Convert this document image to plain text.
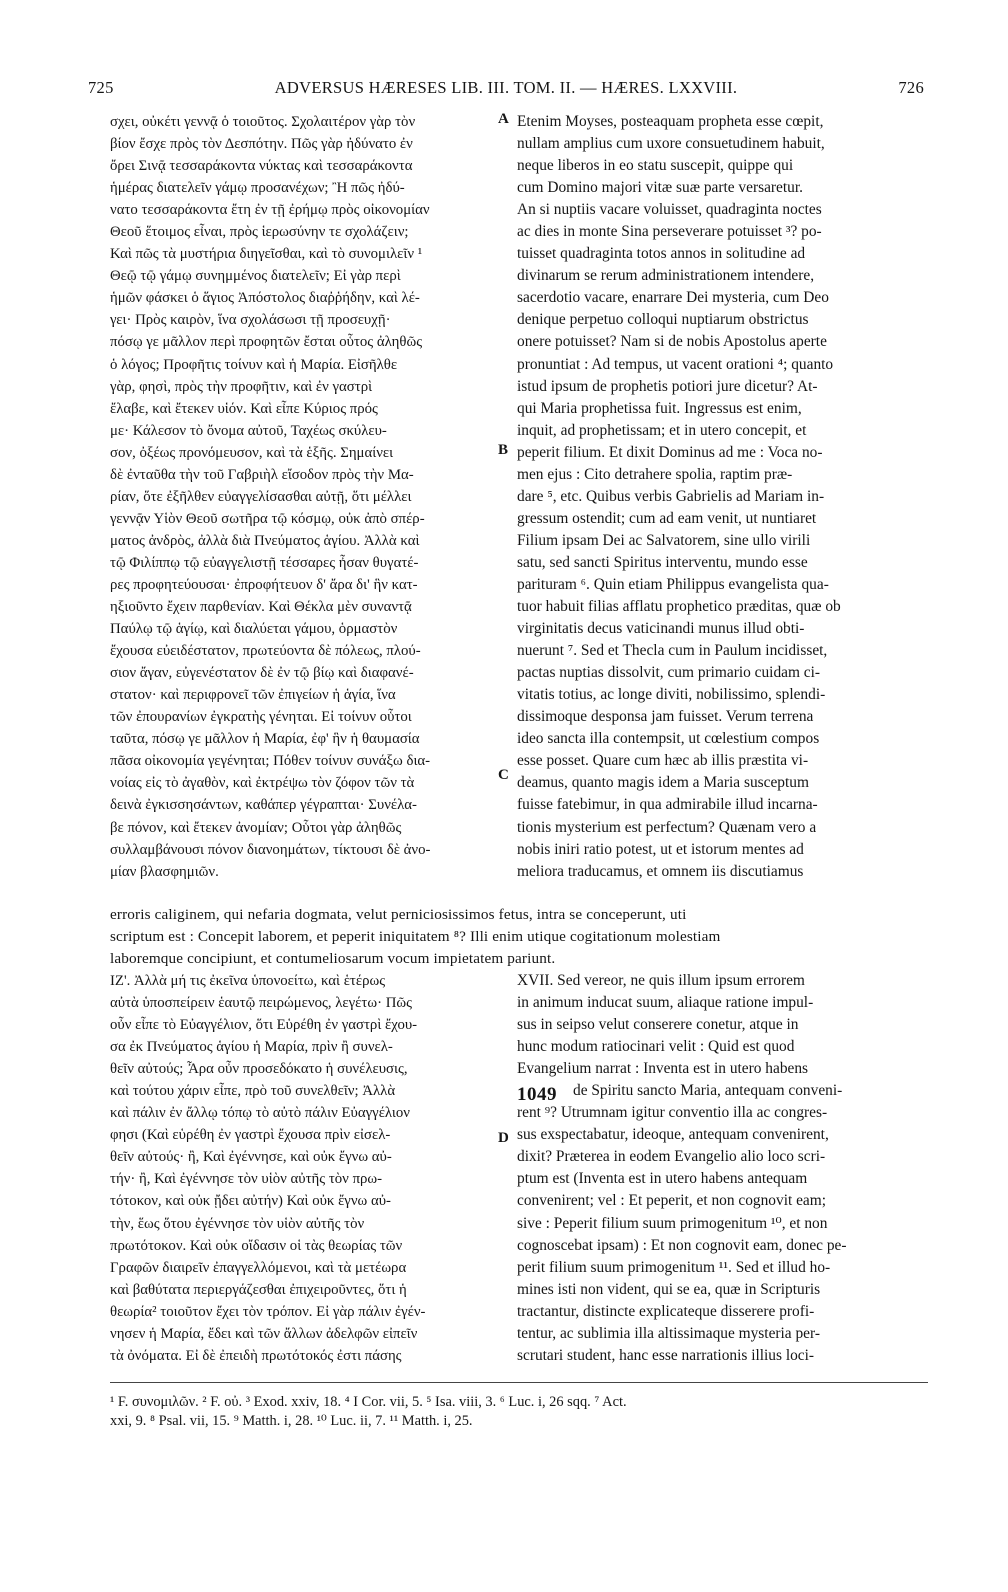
725	ADVERSUS HÆRESES LIB. III. TOM. II. — HÆRES. LXXVIII.	726
σχει, οὐκέτι γεννᾷ ὁ τοιοῦτος. Σχολαιτέρον γὰρ τὸν
βίον ἔσχε πρὸς τὸν Δεσπότην. Πῶς γὰρ ἠδύνατο ἐν
ὄρει Σινᾷ τεσσαράκοντα νύκτας καὶ τεσσαράκοντα
ἡμέρας διατελεῖν γάμῳ προσανέχων; Ἢ πῶς ἠδύ-
νατο τεσσαράκοντα ἔτη ἐν τῇ ἐρήμῳ πρὸς οἰκονομίαν
Θεοῦ ἕτοιμος εἶναι, πρὸς ἱερωσύνην τε σχολάζειν;
Καὶ πῶς τὰ μυστήρια διηγεῖσθαι, καὶ τὸ συνομιλεῖν ¹
Θεῷ τῷ γάμῳ συνημμένος διατελεῖν; Εἰ γὰρ περὶ
ἡμῶν φάσκει ὁ ἅγιος Ἀπόστολος διαῤῥήδην, καὶ λέ-
γει· Πρὸς καιρὸν, ἵνα σχολάσωσι τῇ προσευχῇ·
πόσῳ γε μᾶλλον περὶ προφητῶν ἔσται οὗτος ἀληθῶς
ὁ λόγος; Προφῆτις τοίνυν καὶ ἡ Μαρία. Εἰσῆλθε
γὰρ, φησὶ, πρὸς τὴν προφῆτιν, καὶ ἐν γαστρὶ
ἔλαβε, καὶ ἔτεκεν υἱόν. Καὶ εἶπε Κύριος πρός
με· Κάλεσον τὸ ὄνομα αὐτοῦ, Ταχέως σκύλευ-
σον, ὀξέως προνόμευσον, καὶ τὰ ἑξῆς. Σημαίνει
δὲ ἐνταῦθα τὴν τοῦ Γαβριὴλ εἴσοδον πρὸς τὴν Μα-
ρίαν, ὅτε ἐξῆλθεν εὐαγγελίσασθαι αὐτῇ, ὅτι μέλλει
γεννᾷν Υἱὸν Θεοῦ σωτῆρα τῷ κόσμῳ, οὐκ ἀπὸ σπέρ-
ματος ἀνδρὸς, ἀλλὰ διὰ Πνεύματος ἁγίου. Ἀλλὰ καὶ
τῷ Φιλίππῳ τῷ εὐαγγελιστῇ τέσσαρες ἦσαν θυγατέ-
ρες προφητεύουσαι· ἐπροφήτευον δ' ἄρα δι' ἣν κατ-
ηξιοῦντο ἔχειν παρθενίαν. Καὶ Θέκλα μὲν συναντᾷ
Παύλῳ τῷ ἁγίῳ, καὶ διαλύεται γάμου, ὁρμαστὸν
ἔχουσα εὐειδέστατον, πρωτεύοντα δὲ πόλεως, πλού-
σιον ἄγαν, εὐγενέστατον δὲ ἐν τῷ βίῳ καὶ διαφανέ-
στατον· καὶ περιφρονεῖ τῶν ἐπιγείων ἡ ἁγία, ἵνα
τῶν ἐπουρανίων ἐγκρατὴς γένηται. Εἰ τοίνυν οὗτοι
ταῦτα, πόσῳ γε μᾶλλον ἡ Μαρία, ἐφ' ἣν ἡ θαυμασία
πᾶσα οἰκονομία γεγένηται; Πόθεν τοίνυν συνάξω δια-
νοίας εἰς τὸ ἀγαθὸν, καὶ ἐκτρέψω τὸν ζόφον τῶν τὰ
δεινὰ ἐγκισσησάντων, καθάπερ γέγραπται· Συνέλα-
βε πόνον, καὶ ἔτεκεν ἀνομίαν; Οὗτοι γὰρ ἀληθῶς
συλλαμβάνουσι πόνον διανοημάτων, τίκτουσι δὲ ἀνο-
μίαν βλασφημιῶν.
Etenim Moyses, posteaquam propheta esse cœpit,
nullam amplius cum uxore consuetudinem habuit,
neque liberos in eo statu suscepit, quippe qui
cum Domino majori vitæ suæ parte versaretur.
An si nuptiis vacare voluisset, quadraginta noctes
ac dies in monte Sina perseverare potuisset ³? po-
tuisset quadraginta totos annos in solitudine ad
divinarum se rerum administrationem intendere,
sacerdotio vacare, enarrare Dei mysteria, cum Deo
denique perpetuo colloqui nuptiarum obstrictus
onere potuisset? Nam si de nobis Apostolus aperte
pronuntiat : Ad tempus, ut vacent orationi ⁴; quanto
istud ipsum de prophetis potiori jure dicetur? At-
qui Maria prophetissa fuit. Ingressus est enim,
inquit, ad prophetissam; et in utero concepit, et
peperit filium. Et dixit Dominus ad me : Voca no-
men ejus : Cito detrahere spolia, raptim præ-
dare ⁵, etc. Quibus verbis Gabrielis ad Mariam in-
gressum ostendit; cum ad eam venit, ut nuntiaret
Filium ipsam Dei ac Salvatorem, sine ullo virili
satu, sed sancti Spiritus interventu, mundo esse
parituram ⁶. Quin etiam Philippus evangelista qua-
tuor habuit filias afflatu prophetico præditas, quæ ob
virginitatis decus vaticinandi munus illud obti-
nuerunt ⁷. Sed et Thecla cum in Paulum incidisset,
pactas nuptias dissolvit, cum primario cuidam ci-
vitatis totius, ac longe diviti, nobilissimo, splendi-
dissimoque desponsa jam fuisset. Verum terrena
ideo sancta illa contempsit, ut cœlestium compos
esse posset. Quare cum hæc ab illis præstita vi-
deamus, quanto magis idem a Maria susceptum
fuisse fatebimur, in qua admirabile illud incarna-
tionis mysterium est perfectum? Quænam vero a
nobis iniri ratio potest, ut et istorum mentes ad
meliora traducamus, et omnem iis discutiamus
A
B
C
D
erroris caliginem, qui nefaria dogmata, velut perniciosissimos fetus, intra se conceperunt, uti
scriptum est : Concepit laborem, et peperit iniquitatem ⁸? Illi enim utique cogitationum molestiam
laboremque concipiunt, et contumeliosarum vocum impietatem pariunt.
ΙΖ'. Ἀλλὰ μή τις ἐκεῖνα ὑπονοείτω, καὶ ἑτέρως
αὐτὰ ὑποσπείρειν ἑαυτῷ πειρώμενος, λεγέτω· Πῶς
οὖν εἶπε τὸ Εὐαγγέλιον, ὅτι Εὑρέθη ἐν γαστρὶ ἔχου-
σα ἐκ Πνεύματος ἁγίου ἡ Μαρία, πρὶν ἢ συνελ-
θεῖν αὐτούς; Ἆρα οὖν προσεδόκατο ἡ συνέλευσις,
καὶ τούτου χάριν εἶπε, πρὸ τοῦ συνελθεῖν; Ἀλλὰ
καὶ πάλιν ἐν ἄλλῳ τόπῳ τὸ αὐτὸ πάλιν Εὐαγγέλιον
φησι (Καὶ εὑρέθη ἐν γαστρὶ ἔχουσα πρὶν εἰσελ-
θεῖν αὐτούς· ἢ, Καὶ ἐγέννησε, καὶ οὐκ ἔγνω αὐ-
τήν· ἢ, Καὶ ἐγέννησε τὸν υἱὸν αὐτῆς τὸν πρω-
τότοκον, καὶ οὐκ ᾔδει αὐτήν) Καὶ οὐκ ἔγνω αὐ-
τὴν, ἕως ὅτου ἐγέννησε τὸν υἱὸν αὐτῆς τὸν
πρωτότοκον. Καὶ οὐκ οἴδασιν οἱ τὰς θεωρίας τῶν
Γραφῶν διαιρεῖν ἐπαγγελλόμενοι, καὶ τὰ μετέωρα
καὶ βαθύτατα περιεργάζεσθαι ἐπιχειροῦντες, ὅτι ἡ
θεωρία² τοιοῦτον ἔχει τὸν τρόπον. Εἰ γὰρ πάλιν ἐγέν-
νησεν ἡ Μαρία, ἔδει καὶ τῶν ἄλλων ἀδελφῶν εἰπεῖν
τὰ ὀνόματα. Εἰ δὲ ἐπειδὴ πρωτότοκός ἐστι πάσης
XVII. Sed vereor, ne quis illum ipsum errorem
in animum inducat suum, aliaque ratione impul-
sus in seipso velut conserere conetur, atque in
hunc modum ratiocinari velit : Quid est quod
Evangelium narrat : Inventa est in utero habens
de Spiritu sancto Maria, antequam conveni-
rent ⁹? Utrumnam igitur conventio illa ac congres-
sus exspectabatur, ideoque, antequam convenirent,
dixit? Præterea in eodem Evangelio alio loco scri-
ptum est (Inventa est in utero habens antequam
convenirent; vel : Et peperit, et non cognovit eam;
sive : Peperit filium suum primogenitum ¹⁰, et non
cognoscebat ipsam) : Et non cognovit eam, donec pe-
perit filium suum primogenitum ¹¹. Sed et illud ho-
mines isti non vident, qui se ea, quæ in Scripturis
tractantur, distincte explicateque disserere profi-
tentur, ac sublimia illa altissimaque mysteria per-
scrutari student, hanc esse narrationis illius loci-
1049
¹ F. συνομιλῶν. ² F. οὐ. ³ Exod. xxiv, 18. ⁴ I Cor. vii, 5. ⁵ Isa. viii, 3. ⁶ Luc. i, 26 sqq. ⁷ Act.
xxi, 9. ⁸ Psal. vii, 15. ⁹ Matth. i, 28. ¹⁰ Luc. ii, 7. ¹¹ Matth. i, 25.
